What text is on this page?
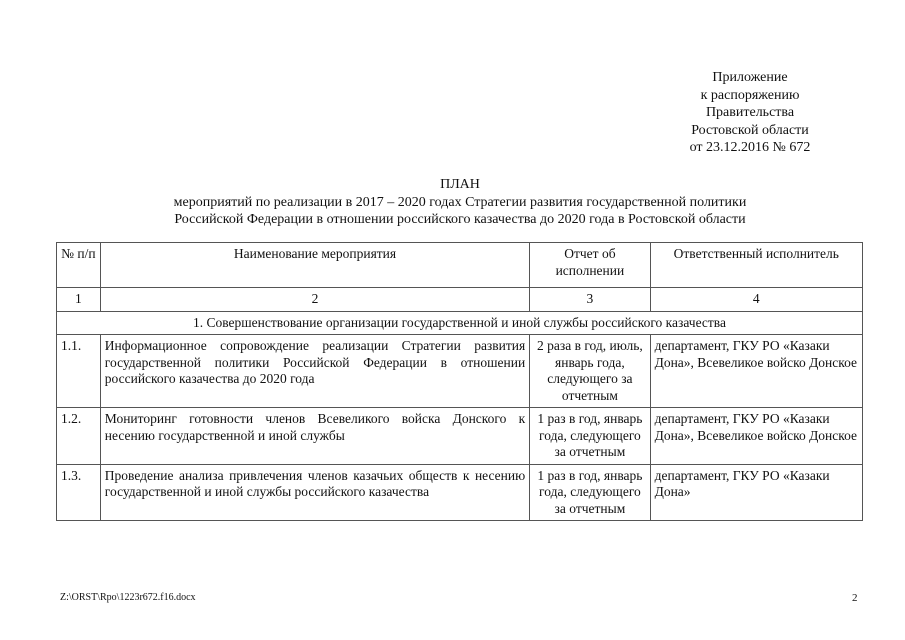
Приложение
к распоряжению
Правительства
Ростовской области
от 23.12.2016 № 672
ПЛАН
мероприятий по реализации в 2017 – 2020 годах Стратегии развития государственной политики
Российской Федерации в отношении российского казачества до 2020 года в Ростовской области
№ п/п	Наименование мероприятия	Отчет об исполнении	Ответственный исполнитель
1	2	3	4
1. Совершенствование организации государственной и иной службы российского казачества			
1.1.	Информационное сопровождение реализации Стратегии развития государственной политики Российской Федерации в отношении российского казачества до 2020 года	2 раза в год, июль, январь года, следующего за отчетным	департамент, ГКУ РО «Казаки Дона», Всевеликое войско Донское
1.2.	Мониторинг готовности членов Всевеликого войска Донского к несению государственной и иной службы	1 раз в год, январь года, следующего за отчетным	департамент, ГКУ РО «Казаки Дона», Всевеликое войско Донское
1.3.	Проведение анализа привлечения членов казачьих обществ к несению государственной и иной службы российского казачества	1 раз в год, январь года, следующего за отчетным	департамент, ГКУ РО «Казаки Дона»
Z:\ORST\Rpo\1223r672.f16.docx	2
